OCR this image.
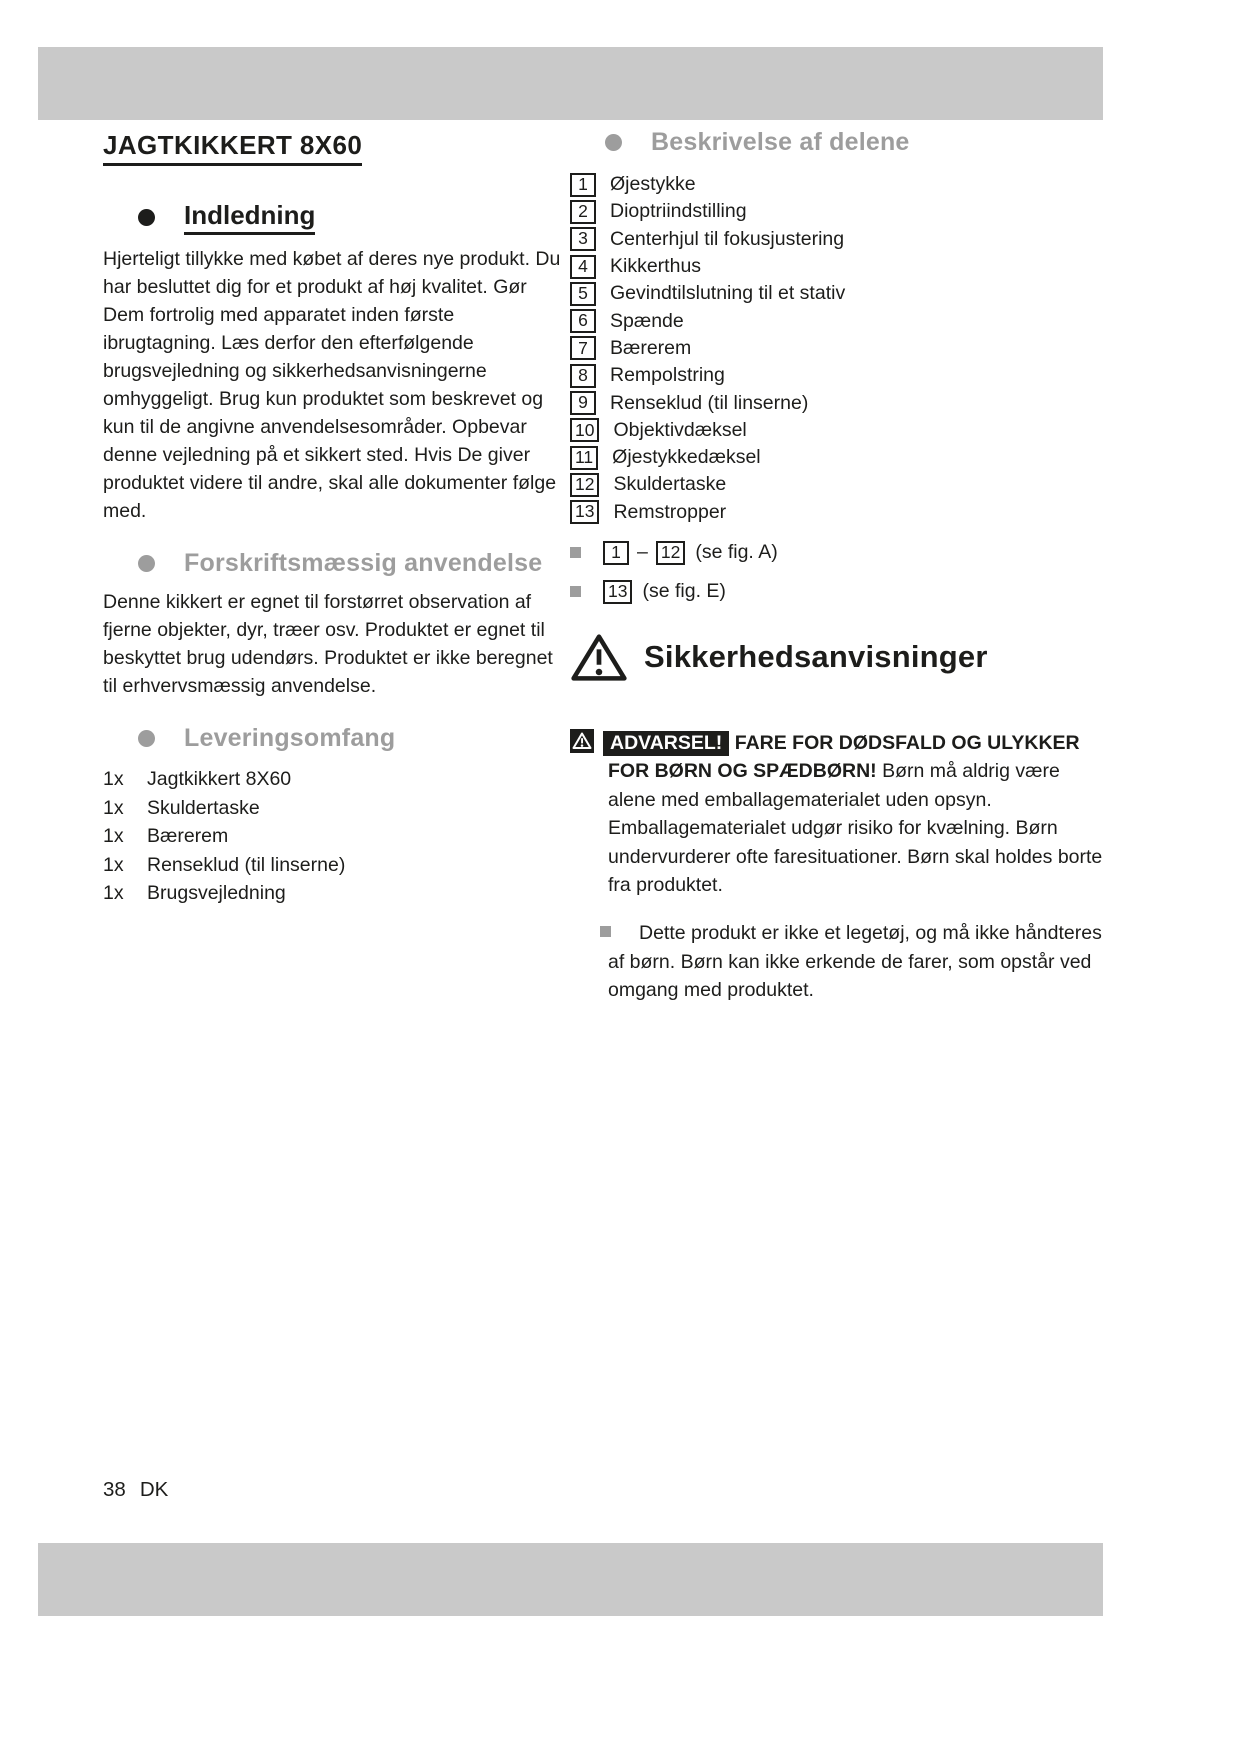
JAGTKIKKERT 8X60
Indledning

Hjerteligt tillykke med købet af deres nye produkt. Du har besluttet dig for et produkt af høj kvalitet. Gør Dem fortrolig med apparatet inden første ibrugtagning. Læs derfor den efterfølgende brugsvejledning og sikkerhedsanvisningerne omhyggeligt. Brug kun produktet som beskrevet og kun til de angivne anvendelsesområder. Opbevar denne vejledning på et sikkert sted. Hvis De giver produktet videre til andre, skal alle dokumenter følge med.

Forskriftsmæssig anvendelse

Denne kikkert er egnet til forstørret observation af fjerne objekter, dyr, træer osv. Produktet er egnet til beskyttet brug udendørs. Produktet er ikke beregnet til erhvervsmæssig anvendelse.

Leveringsomfang
1x	Jagtkikkert 8X60
1x	Skuldertaske
1x	Bærerem
1x	Renseklud (til linserne)
1x	Brugsvejledning
Beskrivelse af delene
1	Øjestykke
2	Dioptriindstilling
3	Centerhjul til fokusjustering
4	Kikkerthus
5	Gevindtilslutning til et stativ
6	Spænde
7	Bærerem
8	Rempolstring
9	Renseklud (til linserne)
10 Objektivdæksel
11 Øjestykkedæksel
12 Skuldertaske
13 Remstropper
1 – 12 (se fig. A)
13 (se fig. E)
Sikkerhedsanvisninger

ADVARSEL! FARE FOR DØDSFALD OG ULYKKER FOR BØRN OG SPÆDBØRN! Børn må aldrig være alene med emballagematerialet uden opsyn. Emballagematerialet udgør risiko for kvælning. Børn undervurderer ofte faresituationer. Børn skal holdes borte fra produktet.

Dette produkt er ikke et legetøj, og må ikke håndteres af børn. Børn kan ikke erkende de farer, som opstår ved omgang med produktet.

38 DK
